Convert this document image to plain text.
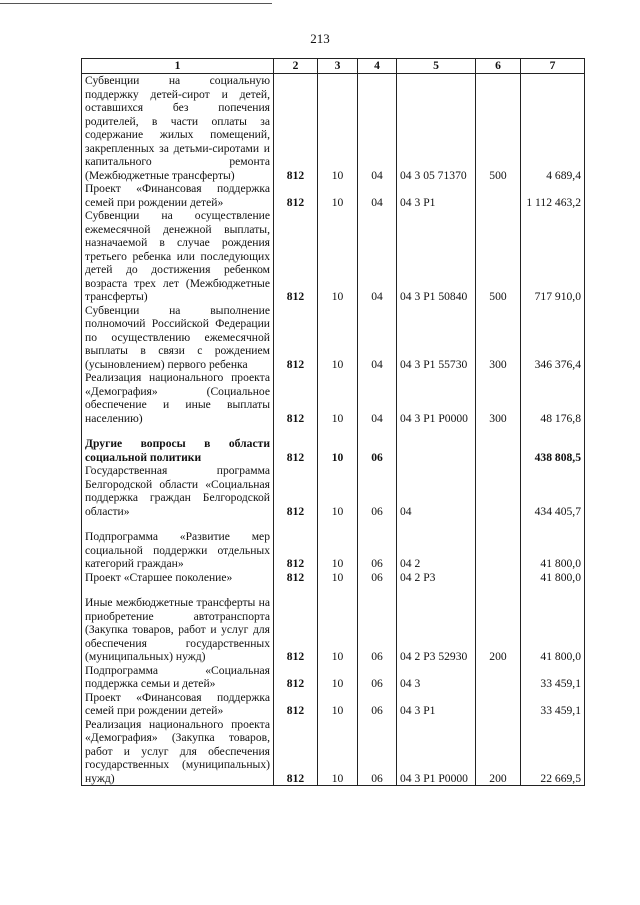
213
1	2	3	4	5	6	7
Субвенции на социальную поддержку детей-сирот и детей, оставшихся без попечения родителей, в части оплаты за содержание жилых помещений, закрепленных за детьми-сиротами и капитального ремонта (Межбюджетные трансферты)	812	10	04	04 3 05 71370	500	4 689,4
Проект «Финансовая поддержка семей при рождении детей»	812	10	04	04 3 P1		1 112 463,2
Субвенции на осуществление ежемесячной денежной выплаты, назначаемой в случае рождения третьего ребенка или последующих детей до достижения ребенком возраста трех лет (Межбюджетные трансферты)	812	10	04	04 3 P1 50840	500	717 910,0
Субвенции на выполнение полномочий Российской Федерации по осуществлению ежемесячной выплаты в связи с рождением (усыновлением) первого ребенка	812	10	04	04 3 P1 55730	300	346 376,4
Реализация национального проекта «Демография» (Социальное обеспечение и иные выплаты населению)	812	10	04	04 3 P1 P0000	300	48 176,8
Другие вопросы в области социальной политики	812	10	06			438 808,5
Государственная программа Белгородской области «Социальная поддержка граждан Белгородской области»	812	10	06	04		434 405,7
Подпрограмма «Развитие мер социальной поддержки отдельных категорий граждан»	812	10	06	04 2		41 800,0
Проект «Старшее поколение»	812	10	06	04 2 P3		41 800,0
Иные межбюджетные трансферты на приобретение автотранспорта (Закупка товаров, работ и услуг для обеспечения государственных (муниципальных) нужд)	812	10	06	04 2 P3 52930	200	41 800,0
Подпрограмма «Социальная поддержка семьи и детей»	812	10	06	04 3		33 459,1
Проект «Финансовая поддержка семей при рождении детей»	812	10	06	04 3 P1		33 459,1
Реализация национального проекта «Демография» (Закупка товаров, работ и услуг для обеспечения государственных (муниципальных) нужд)	812	10	06	04 3 P1 P0000	200	22 669,5
